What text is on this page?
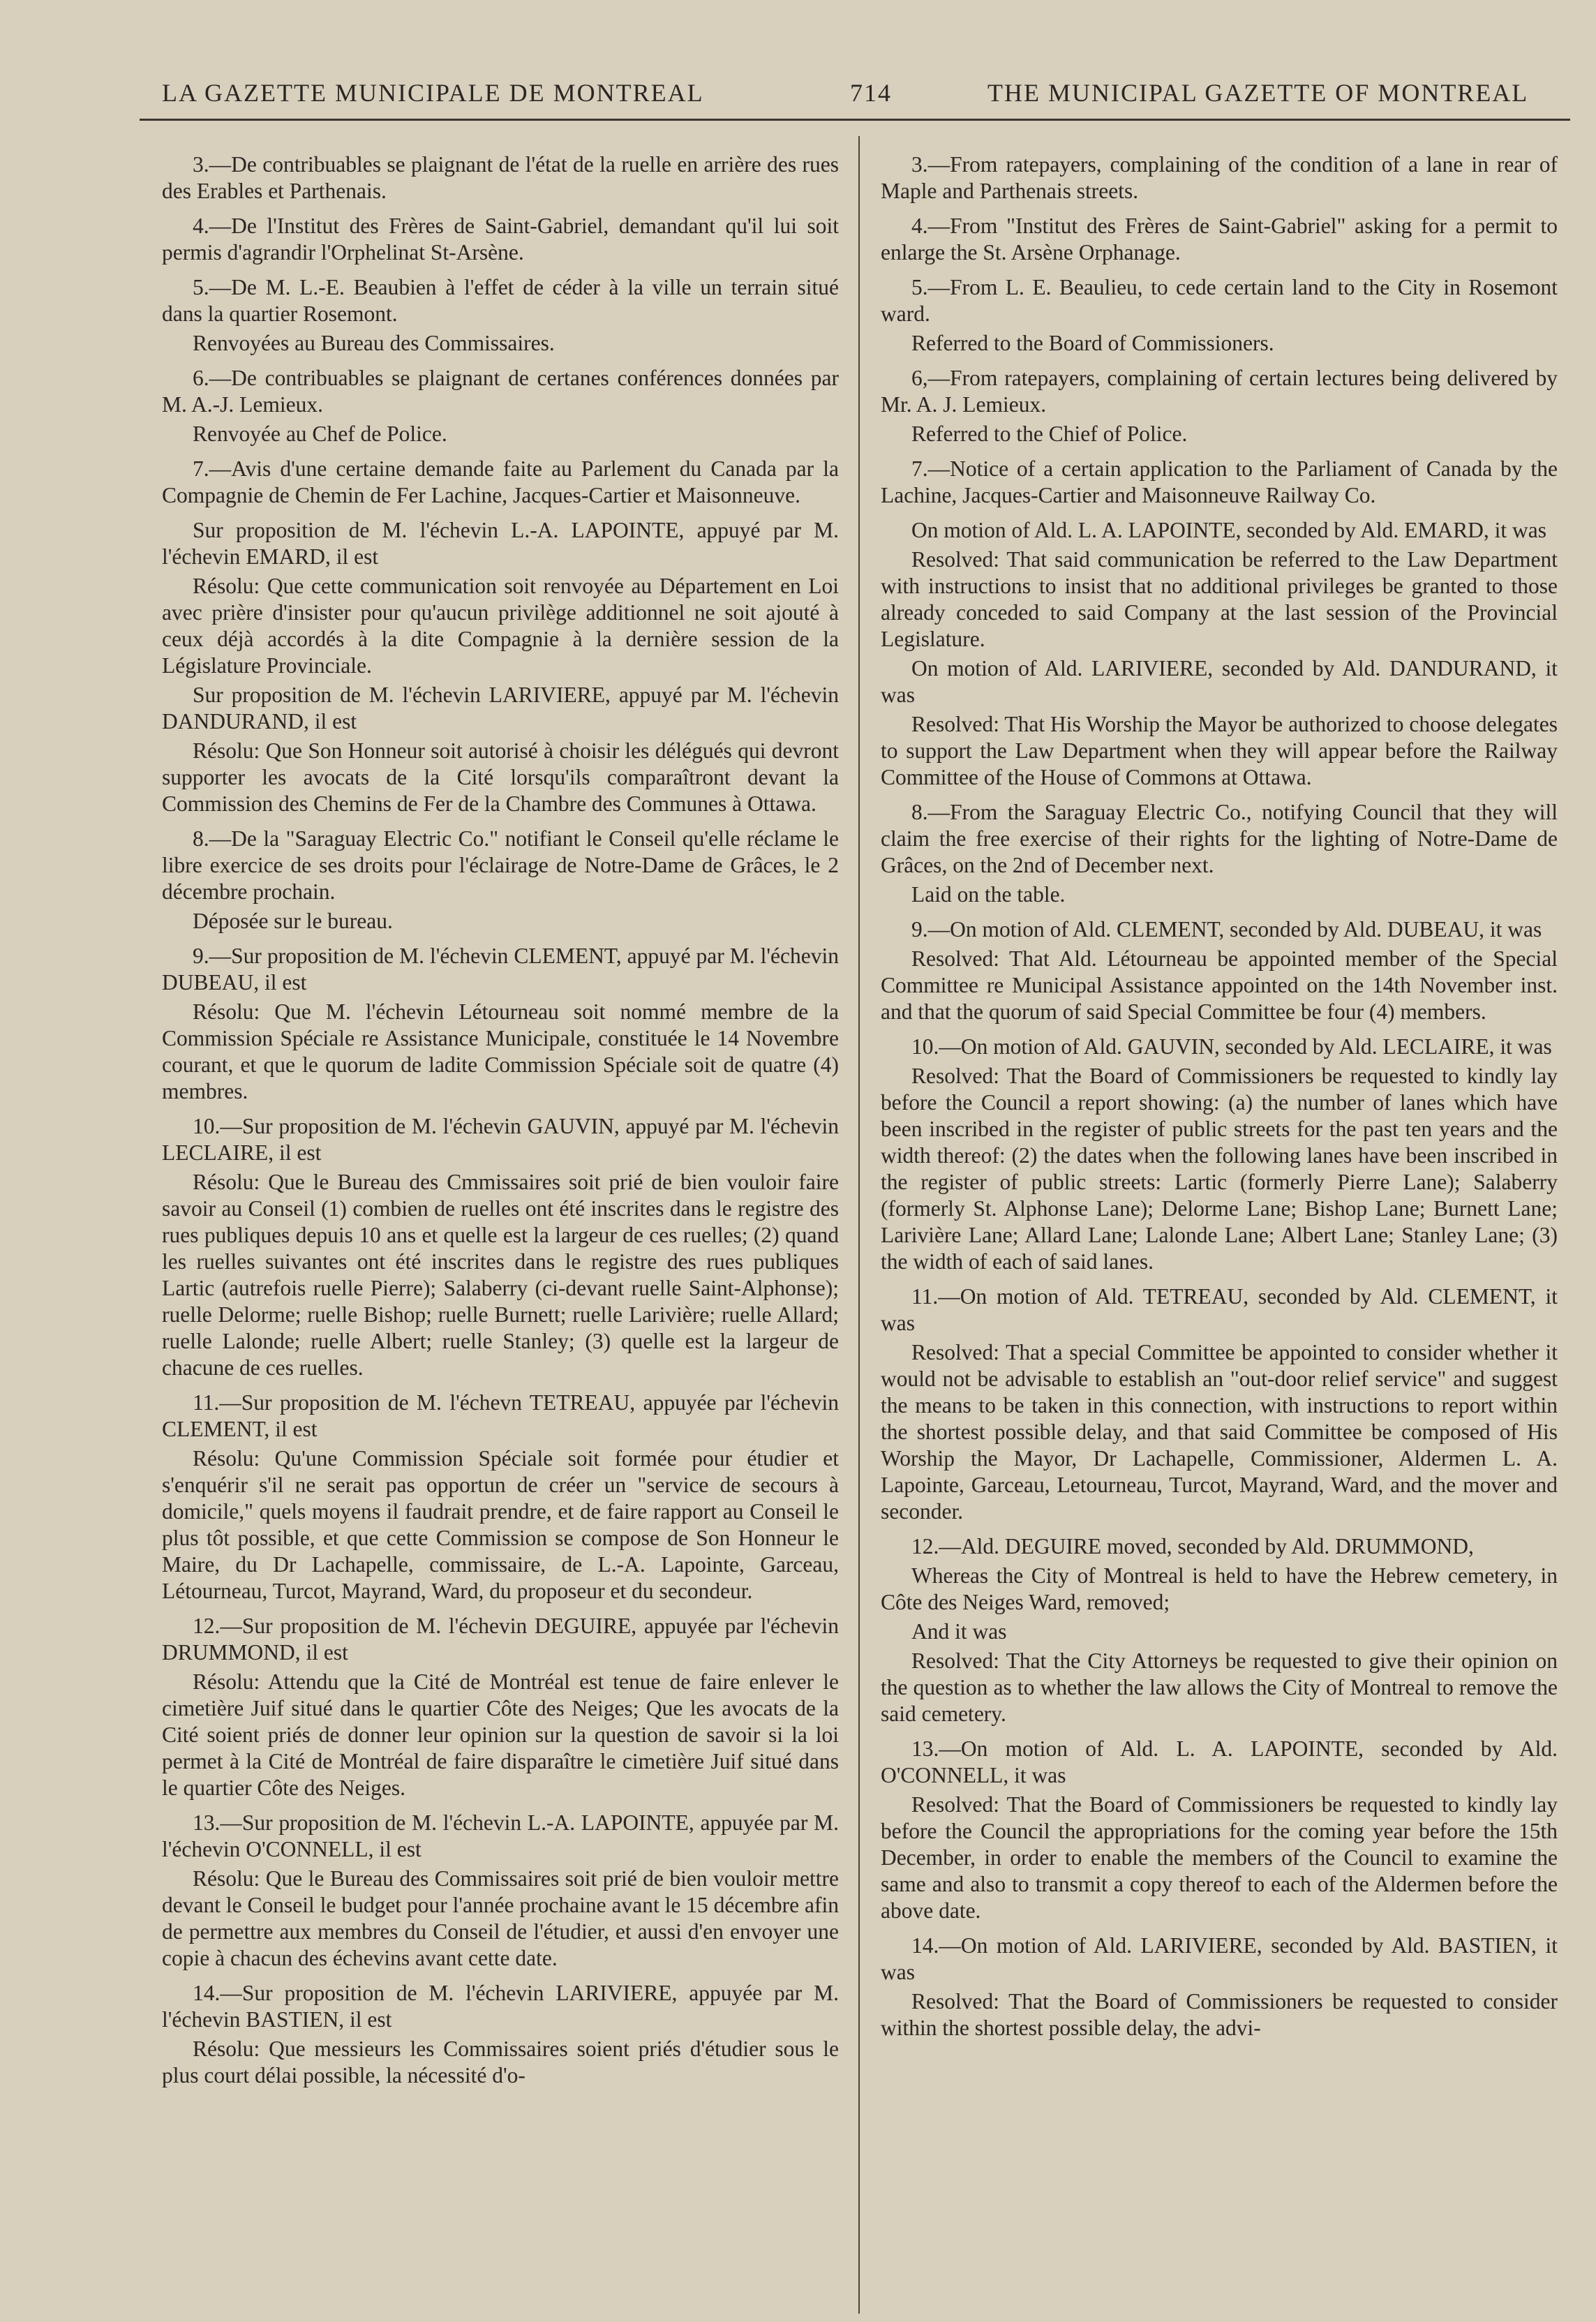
LA GAZETTE MUNICIPALE DE MONTREAL	714	THE MUNICIPAL GAZETTE OF MONTREAL

3.—De contribuables se plaignant de l'état de la ruelle en arrière des rues des Erables et Parthenais.

4.—De l'Institut des Frères de Saint-Gabriel, demandant qu'il lui soit permis d'agrandir l'Orphelinat St-Arsène.

5.—De M. L.-E. Beaubien à l'effet de céder à la ville un terrain situé dans la quartier Rosemont.

Renvoyées au Bureau des Commissaires.

6.—De contribuables se plaignant de certanes conférences données par M. A.-J. Lemieux.

Renvoyée au Chef de Police.

7.—Avis d'une certaine demande faite au Parlement du Canada par la Compagnie de Chemin de Fer Lachine, Jacques-Cartier et Maisonneuve.

Sur proposition de M. l'échevin L.-A. LAPOINTE, appuyé par M. l'échevin EMARD, il est

Résolu: Que cette communication soit renvoyée au Département en Loi avec prière d'insister pour qu'aucun privilège additionnel ne soit ajouté à ceux déjà accordés à la dite Compagnie à la dernière session de la Législature Provinciale.

Sur proposition de M. l'échevin LARIVIERE, appuyé par M. l'échevin DANDURAND, il est

Résolu: Que Son Honneur soit autorisé à choisir les délégués qui devront supporter les avocats de la Cité lorsqu'ils comparaîtront devant la Commission des Chemins de Fer de la Chambre des Communes à Ottawa.

8.—De la "Saraguay Electric Co." notifiant le Conseil qu'elle réclame le libre exercice de ses droits pour l'éclairage de Notre-Dame de Grâces, le 2 décembre prochain.

Déposée sur le bureau.

9.—Sur proposition de M. l'échevin CLEMENT, appuyé par M. l'échevin DUBEAU, il est

Résolu: Que M. l'échevin Létourneau soit nommé membre de la Commission Spéciale re Assistance Municipale, constituée le 14 Novembre courant, et que le quorum de ladite Commission Spéciale soit de quatre (4) membres.

10.—Sur proposition de M. l'échevin GAUVIN, appuyé par M. l'échevin LECLAIRE, il est

Résolu: Que le Bureau des Cmmissaires soit prié de bien vouloir faire savoir au Conseil (1) combien de ruelles ont été inscrites dans le registre des rues publiques depuis 10 ans et quelle est la largeur de ces ruelles; (2) quand les ruelles suivantes ont été inscrites dans le registre des rues publiques Lartic (autrefois ruelle Pierre); Salaberry (ci-devant ruelle Saint-Alphonse); ruelle Delorme; ruelle Bishop; ruelle Burnett; ruelle Larivière; ruelle Allard; ruelle Lalonde; ruelle Albert; ruelle Stanley; (3) quelle est la largeur de chacune de ces ruelles.

11.—Sur proposition de M. l'échevn TETREAU, appuyée par l'échevin CLEMENT, il est

Résolu: Qu'une Commission Spéciale soit formée pour étudier et s'enquérir s'il ne serait pas opportun de créer un "service de secours à domicile," quels moyens il faudrait prendre, et de faire rapport au Conseil le plus tôt possible, et que cette Commission se compose de Son Honneur le Maire, du Dr Lachapelle, commissaire, de L.-A. Lapointe, Garceau, Létourneau, Turcot, Mayrand, Ward, du proposeur et du secondeur.

12.—Sur proposition de M. l'échevin DEGUIRE, appuyée par l'échevin DRUMMOND, il est

Résolu: Attendu que la Cité de Montréal est tenue de faire enlever le cimetière Juif situé dans le quartier Côte des Neiges; Que les avocats de la Cité soient priés de donner leur opinion sur la question de savoir si la loi permet à la Cité de Montréal de faire disparaître le cimetière Juif situé dans le quartier Côte des Neiges.

13.—Sur proposition de M. l'échevin L.-A. LAPOINTE, appuyée par M. l'échevin O'CONNELL, il est

Résolu: Que le Bureau des Commissaires soit prié de bien vouloir mettre devant le Conseil le budget pour l'année prochaine avant le 15 décembre afin de permettre aux membres du Conseil de l'étudier, et aussi d'en envoyer une copie à chacun des échevins avant cette date.

14.—Sur proposition de M. l'échevin LARIVIERE, appuyée par M. l'échevin BASTIEN, il est

Résolu: Que messieurs les Commissaires soient priés d'étudier sous le plus court délai possible, la nécessité d'o-

3.—From ratepayers, complaining of the condition of a lane in rear of Maple and Parthenais streets.

4.—From "Institut des Frères de Saint-Gabriel" asking for a permit to enlarge the St. Arsène Orphanage.

5.—From L. E. Beaulieu, to cede certain land to the City in Rosemont ward.

Referred to the Board of Commissioners.

6,—From ratepayers, complaining of certain lectures being delivered by Mr. A. J. Lemieux.

Referred to the Chief of Police.

7.—Notice of a certain application to the Parliament of Canada by the Lachine, Jacques-Cartier and Maisonneuve Railway Co.

On motion of Ald. L. A. LAPOINTE, seconded by Ald. EMARD, it was

Resolved: That said communication be referred to the Law Department with instructions to insist that no additional privileges be granted to those already conceded to said Company at the last session of the Provincial Legislature.

On motion of Ald. LARIVIERE, seconded by Ald. DANDURAND, it was

Resolved: That His Worship the Mayor be authorized to choose delegates to support the Law Department when they will appear before the Railway Committee of the House of Commons at Ottawa.

8.—From the Saraguay Electric Co., notifying Council that they will claim the free exercise of their rights for the lighting of Notre-Dame de Grâces, on the 2nd of December next.

Laid on the table.

9.—On motion of Ald. CLEMENT, seconded by Ald. DUBEAU, it was

Resolved: That Ald. Létourneau be appointed member of the Special Committee re Municipal Assistance appointed on the 14th November inst. and that the quorum of said Special Committee be four (4) members.

10.—On motion of Ald. GAUVIN, seconded by Ald. LECLAIRE, it was

Resolved: That the Board of Commissioners be requested to kindly lay before the Council a report showing: (a) the number of lanes which have been inscribed in the register of public streets for the past ten years and the width thereof: (2) the dates when the following lanes have been inscribed in the register of public streets: Lartic (formerly Pierre Lane); Salaberry (formerly St. Alphonse Lane); Delorme Lane; Bishop Lane; Burnett Lane; Larivière Lane; Allard Lane; Lalonde Lane; Albert Lane; Stanley Lane; (3) the width of each of said lanes.

11.—On motion of Ald. TETREAU, seconded by Ald. CLEMENT, it was

Resolved: That a special Committee be appointed to consider whether it would not be advisable to establish an "out-door relief service" and suggest the means to be taken in this connection, with instructions to report within the shortest possible delay, and that said Committee be composed of His Worship the Mayor, Dr Lachapelle, Commissioner, Aldermen L. A. Lapointe, Garceau, Letourneau, Turcot, Mayrand, Ward, and the mover and seconder.

12.—Ald. DEGUIRE moved, seconded by Ald. DRUMMOND,

Whereas the City of Montreal is held to have the Hebrew cemetery, in Côte des Neiges Ward, removed;

And it was

Resolved: That the City Attorneys be requested to give their opinion on the question as to whether the law allows the City of Montreal to remove the said cemetery.

13.—On motion of Ald. L. A. LAPOINTE, seconded by Ald. O'CONNELL, it was

Resolved: That the Board of Commissioners be requested to kindly lay before the Council the appropriations for the coming year before the 15th December, in order to enable the members of the Council to examine the same and also to transmit a copy thereof to each of the Aldermen before the above date.

14.—On motion of Ald. LARIVIERE, seconded by Ald. BASTIEN, it was

Resolved: That the Board of Commissioners be requested to consider within the shortest possible delay, the advi-
